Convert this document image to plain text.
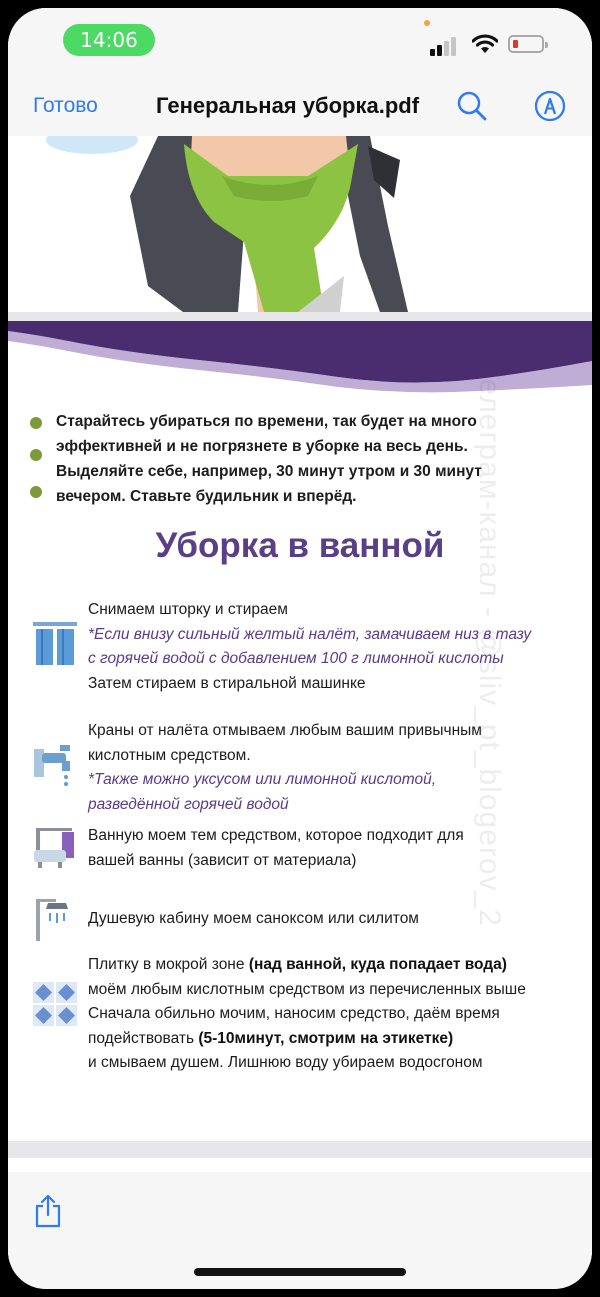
14:06
Готово	Генеральная уборка.pdf
Старайтесь убираться по времени, так будет на много
эффективней и не погрязнете в уборке на весь день.
Выделяйте себе, например, 30 минут утром и 30 минут
вечером. Ставьте будильник и вперёд.
Уборка в ванной
Снимаем шторку и стираем
*Если внизу сильный желтый налёт, замачиваем низ в тазу
с горячей водой с добавлением 100 г лимонной кислоты
Затем стираем в стиральной машинке
Краны от налёта отмываем любым вашим привычным
кислотным средством.
*Также можно уксусом или лимонной кислотой,
разведённой горячей водой
Ванную моем тем средством, которое подходит для
вашей ванны (зависит от материала)
Душевую кабину моем саноксом или силитом
Плитку в мокрой зоне (над ванной, куда попадает вода)
моём любым кислотным средством из перечисленных выше
Сначала обильно мочим, наносим средство, даём время
подействовать (5-10минут, смотрим на этикетке)
и смываем душем. Лишнюю воду убираем водосгоном
Телеграм-канал - @sliv_pt_blogerov_2
